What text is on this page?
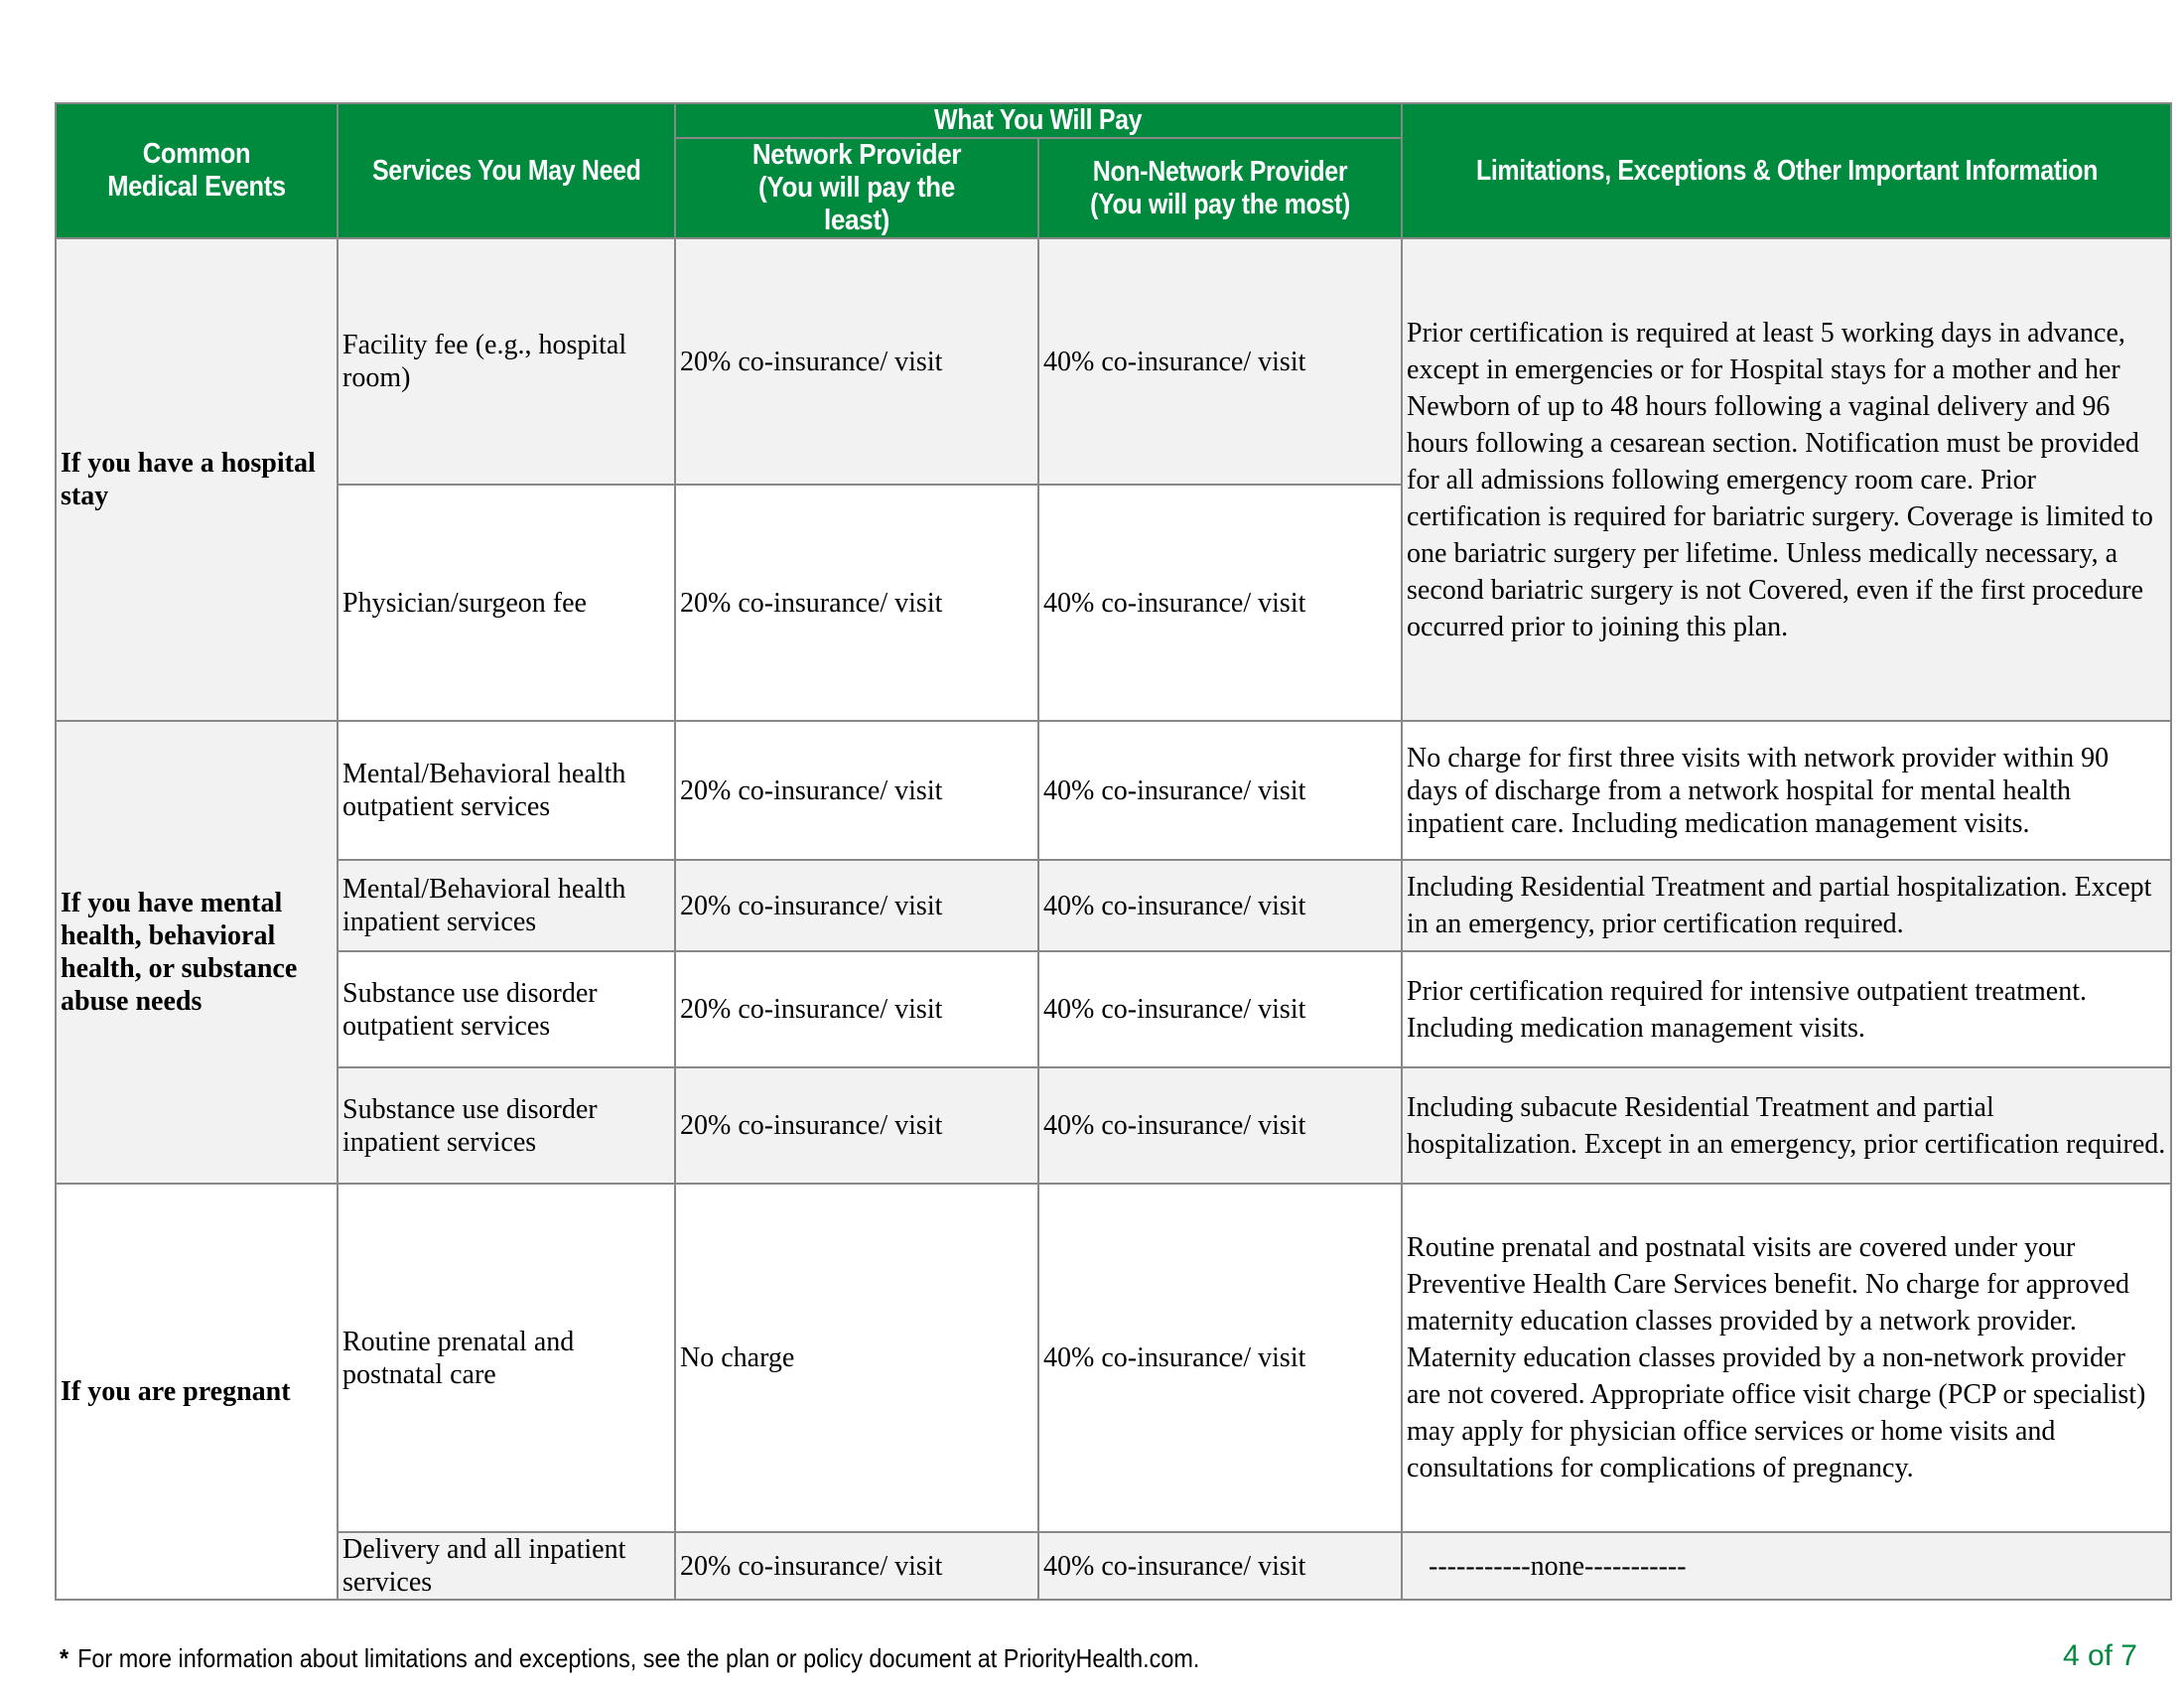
Common Medical Events	Services You May Need	What You Will Pay		Limitations, Exceptions & Other Important Information
		Network Provider (You will pay the least)	Non-Network Provider (You will pay the most)	
If you have a hospital stay	Facility fee (e.g., hospital room)	20% co-insurance/ visit	40% co-insurance/ visit	Prior certification is required at least 5 working days in advance, except in emergencies or for Hospital stays for a mother and her Newborn of up to 48 hours following a vaginal delivery and 96 hours following a cesarean section. Notification must be provided for all admissions following emergency room care. Prior certification is required for bariatric surgery. Coverage is limited to one bariatric surgery per lifetime. Unless medically necessary, a second bariatric surgery is not Covered, even if the first procedure occurred prior to joining this plan.
	Physician/surgeon fee	20% co-insurance/ visit	40% co-insurance/ visit	
If you have mental health, behavioral health, or substance abuse needs	Mental/Behavioral health outpatient services	20% co-insurance/ visit	40% co-insurance/ visit	No charge for first three visits with network provider within 90 days of discharge from a network hospital for mental health inpatient care. Including medication management visits.
	Mental/Behavioral health inpatient services	20% co-insurance/ visit	40% co-insurance/ visit	Including Residential Treatment and partial hospitalization. Except in an emergency, prior certification required.
	Substance use disorder outpatient services	20% co-insurance/ visit	40% co-insurance/ visit	Prior certification required for intensive outpatient treatment. Including medication management visits.
	Substance use disorder inpatient services	20% co-insurance/ visit	40% co-insurance/ visit	Including subacute Residential Treatment and partial hospitalization. Except in an emergency, prior certification required.
If you are pregnant	Routine prenatal and postnatal care	No charge	40% co-insurance/ visit	Routine prenatal and postnatal visits are covered under your Preventive Health Care Services benefit. No charge for approved maternity education classes provided by a network provider. Maternity education classes provided by a non-network provider are not covered. Appropriate office visit charge (PCP or specialist) may apply for physician office services or home visits and consultations for complications of pregnancy.
	Delivery and all inpatient services	20% co-insurance/ visit	40% co-insurance/ visit	-----------none-----------
* For more information about limitations and exceptions, see the plan or policy document at PriorityHealth.com.	4 of 7
